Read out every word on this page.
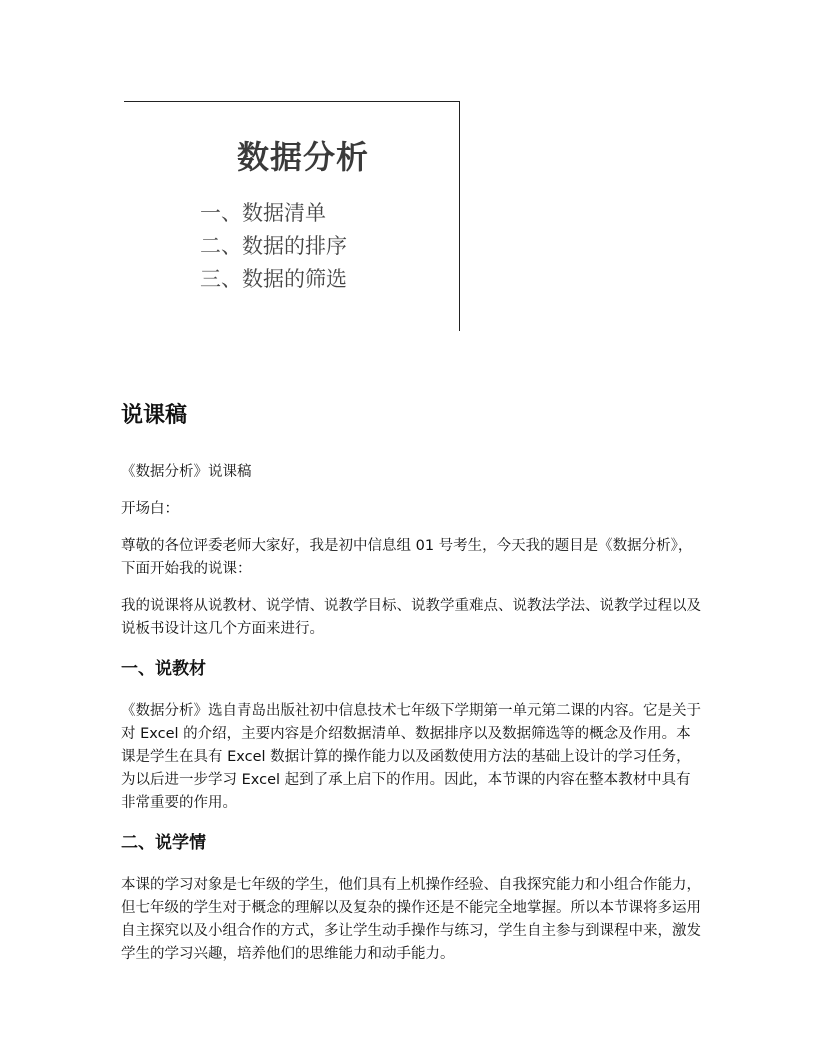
数据分析
一、数据清单
二、数据的排序
三、数据的筛选
说课稿

《数据分析》说课稿

开场白：

尊敬的各位评委老师大家好，我是初中信息组 01 号考生，今天我的题目是《数据分析》，下面开始我的说课：

我的说课将从说教材、说学情、说教学目标、说教学重难点、说教法学法、说教学过程以及说板书设计这几个方面来进行。

一、说教材

《数据分析》选自青岛出版社初中信息技术七年级下学期第一单元第二课的内容。它是关于对 Excel 的介绍，主要内容是介绍数据清单、数据排序以及数据筛选等的概念及作用。本课是学生在具有 Excel 数据计算的操作能力以及函数使用方法的基础上设计的学习任务，为以后进一步学习 Excel 起到了承上启下的作用。因此，本节课的内容在整本教材中具有非常重要的作用。

二、说学情

本课的学习对象是七年级的学生，他们具有上机操作经验、自我探究能力和小组合作能力，但七年级的学生对于概念的理解以及复杂的操作还是不能完全地掌握。所以本节课将多运用自主探究以及小组合作的方式，多让学生动手操作与练习，学生自主参与到课程中来，激发学生的学习兴趣，培养他们的思维能力和动手能力。
